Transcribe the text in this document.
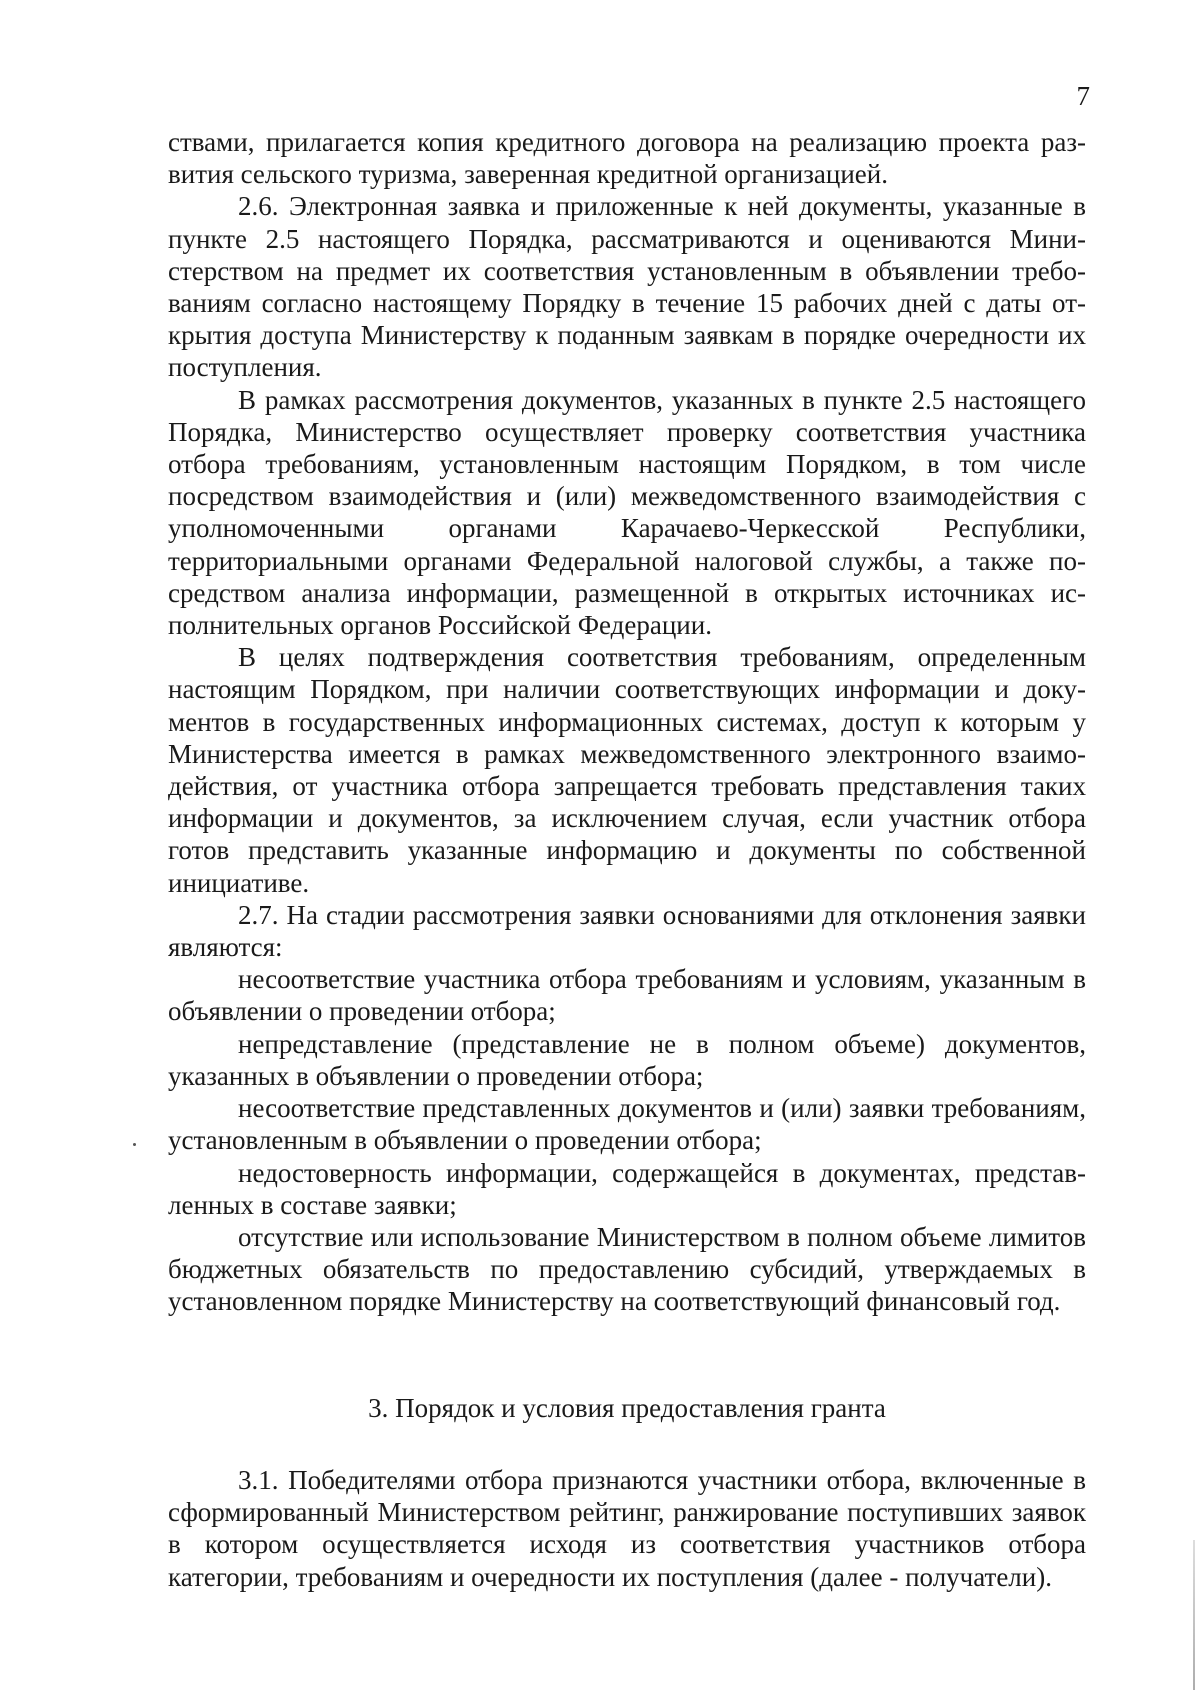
7

ствами, прилагается копия кредитного договора на реализацию проекта развития сельского туризма, заверенная кредитной организацией.

2.6. Электронная заявка и приложенные к ней документы, указанные в пункте 2.5 настоящего Порядка, рассматриваются и оцениваются Министерством на предмет их соответствия установленным в объявлении требованиям согласно настоящему Порядку в течение 15 рабочих дней с даты открытия доступа Министерству к поданным заявкам в порядке очередности их поступления.

В рамках рассмотрения документов, указанных в пункте 2.5 настоящего Порядка, Министерство осуществляет проверку соответствия участника отбора требованиям, установленным настоящим Порядком, в том числе посредством взаимодействия и (или) межведомственного взаимодействия с уполномоченными органами Карачаево-Черкесской Республики, территориальными органами Федеральной налоговой службы, а также посредством анализа информации, размещенной в открытых источниках исполнительных органов Российской Федерации.

В целях подтверждения соответствия требованиям, определенным настоящим Порядком, при наличии соответствующих информации и документов в государственных информационных системах, доступ к которым у Министерства имеется в рамках межведомственного электронного взаимодействия, от участника отбора запрещается требовать представления таких информации и документов, за исключением случая, если участник отбора готов представить указанные информацию и документы по собственной инициативе.

2.7. На стадии рассмотрения заявки основаниями для отклонения заявки являются:

несоответствие участника отбора требованиям и условиям, указанным в объявлении о проведении отбора;

непредставление (представление не в полном объеме) документов, указанных в объявлении о проведении отбора;

несоответствие представленных документов и (или) заявки требованиям, установленным в объявлении о проведении отбора;

недостоверность информации, содержащейся в документах, представленных в составе заявки;

отсутствие или использование Министерством в полном объеме лимитов бюджетных обязательств по предоставлению субсидий, утверждаемых в установленном порядке Министерству на соответствующий финансовый год.

3. Порядок и условия предоставления гранта

3.1. Победителями отбора признаются участники отбора, включенные в сформированный Министерством рейтинг, ранжирование поступивших заявок в котором осуществляется исходя из соответствия участников отбора категории, требованиям и очередности их поступления (далее - получатели).
